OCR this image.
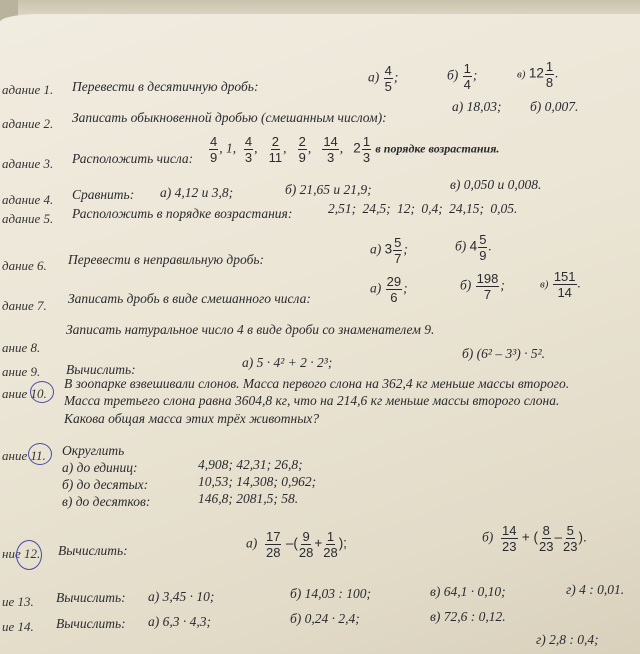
адание 1. Перевести в десятичную дробь:
$а) \frac{4}{5}$ ;	$б) \frac{1}{4}$ ;	в) $12 \frac{1}{8}$ .
адание 2. Записать обыкновенной дробью (смешанным числом):
а) 18,03; б) 0,007.
адание 3. Расположить числа: $\frac{4}{9}$ , 1, $\frac{4}{3}$ , $\frac{2}{11}$ , $\frac{2}{9}$ , $\frac{14}{3}$ , $2 \frac{1}{3}$ в порядке возрастания.
адание 4. Сравнить: а) 4,12 и 3,8;	б) 21,65 и 21,9;	в) 0,050 и 0,008.
адание 5. Расположить в порядке возрастания:	2,51; 24,5; 12; 0,4; 24,15; 0,05.
дание 6. Перевести в неправильную дробь:
а) $3 \frac{5}{7}$ ;	б) $4 \frac{5}{9}$ .
дание 7. Записать дробь в виде смешанного числа:
$а) \frac{29}{6}$ ;	$б) \frac{198}{7}$ ;	$в) \frac{151}{14}$ .
ание 8.
Записать натуральное число 4 в виде дроби со знаменателем 9.
ание 9. Вычислить:	а) 5 · 4² + 2 · 2³;
б) (6² – 3³) · 5².
ание 10.
В зоопарке взвешивали слонов. Масса первого слона на 362,4 кг меньше массы второго.
Масса третьего слона равна 3604,8 кг, что на 214,6 кг меньше массы второго слона.
Какова общая масса этих трёх животных?
ание 11. Округлить
а) до единиц:	4,908; 42,31; 26,8;
б) до десятых:	10,53; 14,308; 0,962;
в) до десятков:	146,8; 2081,5; 58.
ние 12. Вычислить:	$а) \frac{17}{28}$ –( $\frac{9}{28} + \frac{1}{28}$ );	$б) \frac{14}{23}$ + ( $\frac{8}{23} - \frac{5}{23}$ ).
ие 13. Вычислить: а) 3,45 · 10;	б) 14,03 : 100;	в) 64,1 · 0,10;	г) 4 : 0,01.
ие 14. Вычислить: а) 6,3 · 4,3;	б) 0,24 · 2,4;	в) 72,6 : 0,12.
г) 2,8 : 0,4;
